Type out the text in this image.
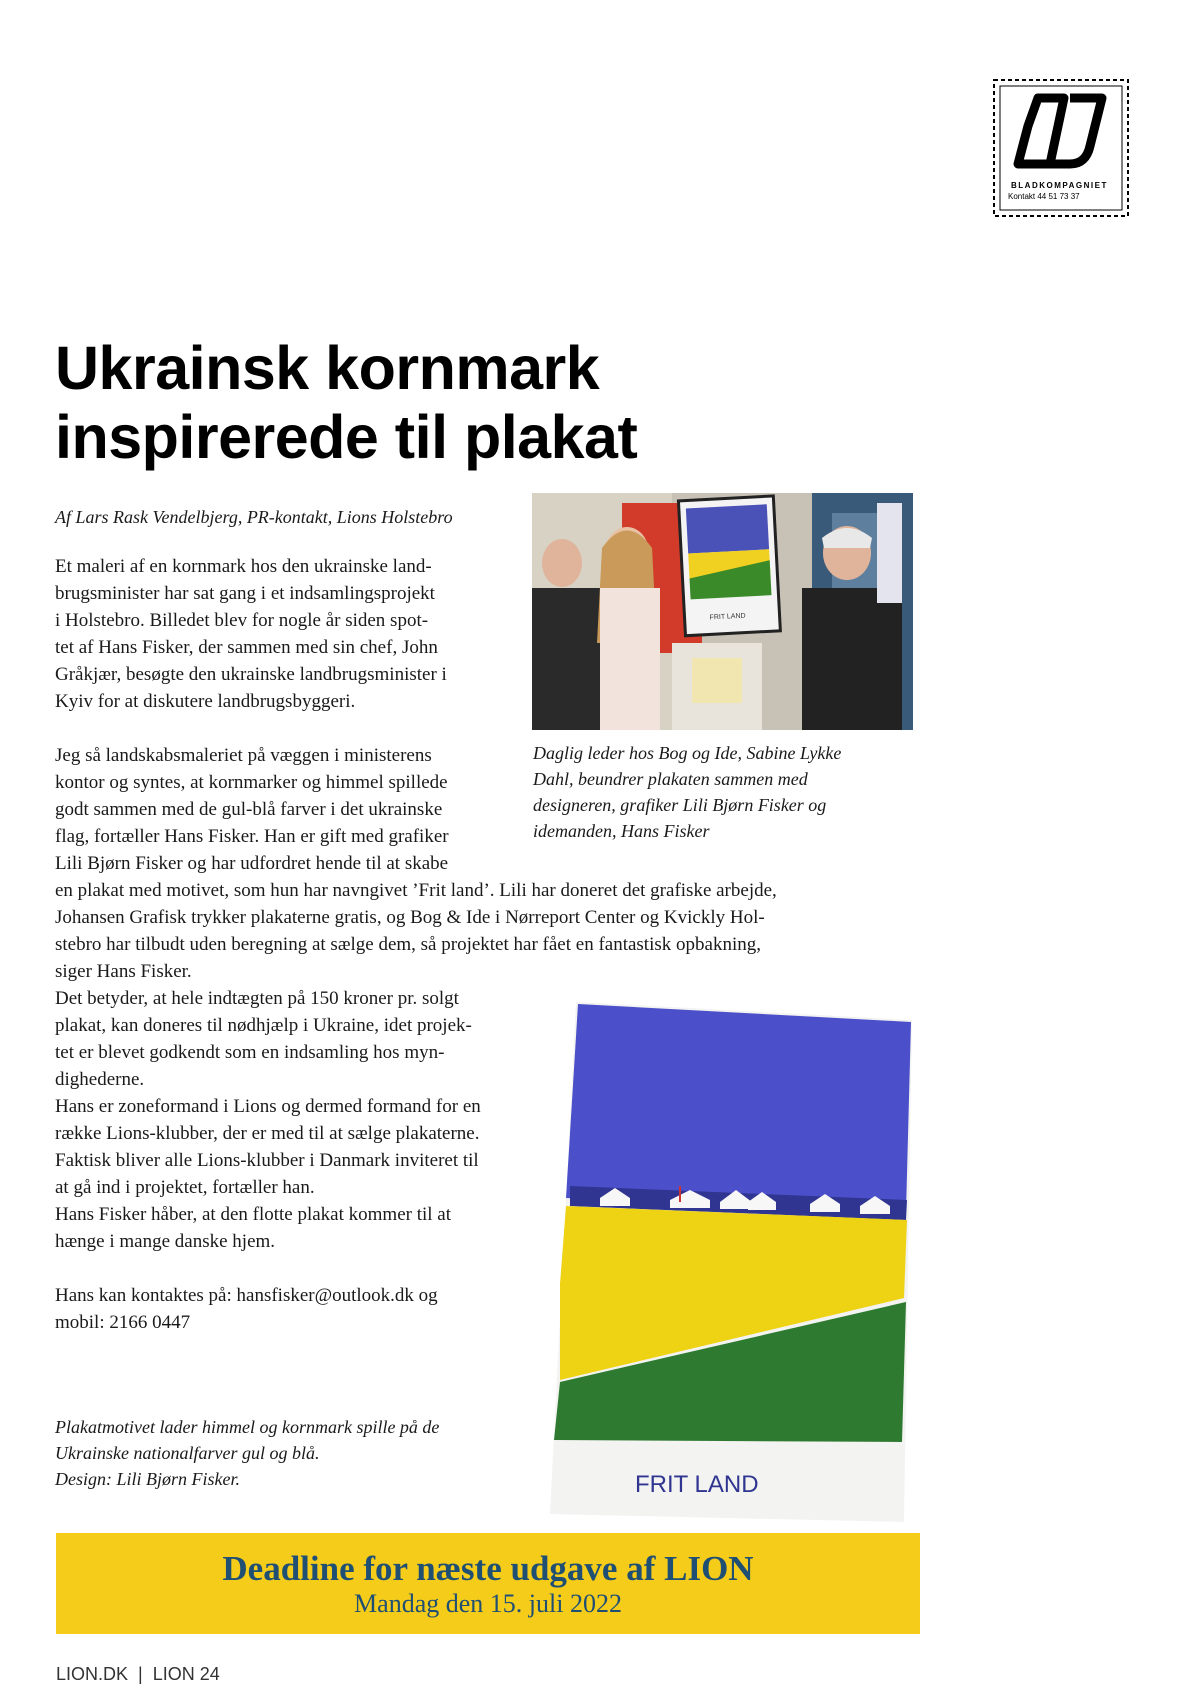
BLADKOMPAGNIET
Kontakt 44 51 73 37
Ukrainsk kornmark
inspirerede til plakat
Af Lars Rask Vendelbjerg, PR-kontakt, Lions Holstebro
Et maleri af en kornmark hos den ukrainske land-
brugsminister har sat gang i et indsamlingsprojekt
i Holstebro. Billedet blev for nogle år siden spot-
tet af Hans Fisker, der sammen med sin chef, John
Gråkjær, besøgte den ukrainske landbrugsminister i
Kyiv for at diskutere landbrugsbyggeri.
Jeg så landskabsmaleriet på væggen i ministerens
kontor og syntes, at kornmarker og himmel spillede
godt sammen med de gul-blå farver i det ukrainske
flag, fortæller Hans Fisker. Han er gift med grafiker
Lili Bjørn Fisker og har udfordret hende til at skabe
en plakat med motivet, som hun har navngivet ’Frit land’. Lili har doneret det grafiske arbejde,
Johansen Grafisk trykker plakaterne gratis, og Bog & Ide i Nørreport Center og Kvickly Hol-
stebro har tilbudt uden beregning at sælge dem, så projektet har fået en fantastisk opbakning,
siger Hans Fisker.
Det betyder, at hele indtægten på 150 kroner pr. solgt
plakat, kan doneres til nødhjælp i Ukraine, idet projek-
tet er blevet godkendt som en indsamling hos myn-
dighederne.
Hans er zoneformand i Lions og dermed formand for en
række Lions-klubber, der er med til at sælge plakaterne.
Faktisk bliver alle Lions-klubber i Danmark inviteret til
at gå ind i projektet, fortæller han.
Hans Fisker håber, at den flotte plakat kommer til at
hænge i mange danske hjem.
Hans kan kontaktes på: hansfisker@outlook.dk og
mobil: 2166 0447
FRIT LAND
Daglig leder hos Bog og Ide, Sabine Lykke
Dahl, beundrer plakaten sammen med
designeren, grafiker Lili Bjørn Fisker og
idemanden, Hans Fisker
FRIT LAND
Plakatmotivet lader himmel og kornmark spille på de
Ukrainske nationalfarver gul og blå.
Design: Lili Bjørn Fisker.
Deadline for næste udgave af LION
Mandag den 15. juli 2022
LION.DK | LION 24
